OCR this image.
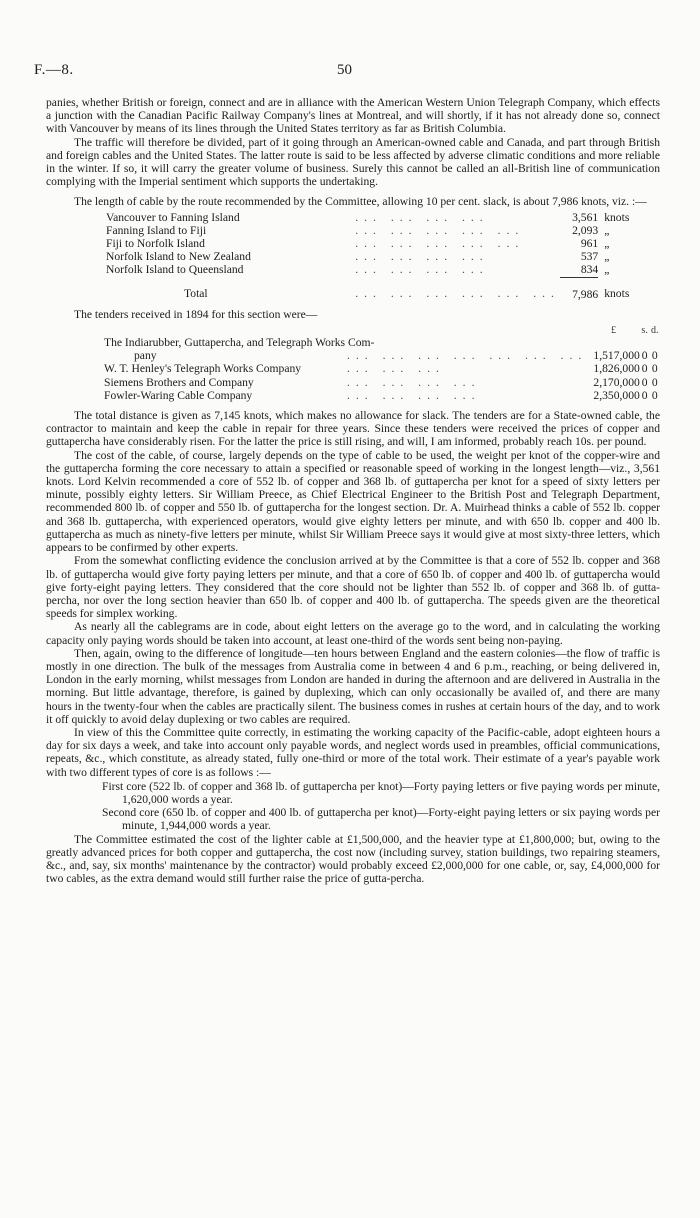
F.—8.	50

panies, whether British or foreign, connect and are in alliance with the American Western Union Telegraph Company, which effects a junction with the Canadian Pacific Railway Company's lines at Montreal, and will shortly, if it has not already done so, connect with Vancouver by means of its lines through the United States territory as far as British Columbia.

The traffic will therefore be divided, part of it going through an American-owned cable and Canada, and part through British and foreign cables and the United States. The latter route is said to be less affected by adverse climatic conditions and more reliable in the winter. If so, it will carry the greater volume of business. Surely this cannot be called an all-British line of communication complying with the Imperial sentiment which supports the undertaking.

The length of cable by the route recommended by the Committee, allowing 10 per cent. slack, is about 7,986 knots, viz. :—

Vancouver to Fanning Island	... ... ... ...	3,561	knots
Fanning Island to Fiji	... ... ... ... ...	2,093	„
Fiji to Norfolk Island	... ... ... ... ...	961	„
Norfolk Island to New Zealand	... ... ... ...	537	„
Norfolk Island to Queensland	... ... ... ...	834	„
Total	... ... ... ... ... ...	7,986	knots

The tenders received in 1894 for this section were—

		£	s.	d.
The Indiarubber, Guttapercha, and Telegraph Works Com-				
pany	... ... ... ... ... ... ...	1,517,000	0	0
W. T. Henley's Telegraph Works Company	... ... ...	1,826,000	0	0
Siemens Brothers and Company	... ... ... ...	2,170,000	0	0
Fowler-Waring Cable Company	... ... ... ...	2,350,000	0	0

The total distance is given as 7,145 knots, which makes no allowance for slack. The tenders are for a State-owned cable, the contractor to maintain and keep the cable in repair for three years. Since these tenders were received the prices of copper and guttapercha have considerably risen. For the latter the price is still rising, and will, I am informed, probably reach 10s. per pound.

The cost of the cable, of course, largely depends on the type of cable to be used, the weight per knot of the copper-wire and the guttapercha forming the core necessary to attain a specified or reasonable speed of working in the longest length—viz., 3,561 knots. Lord Kelvin recommended a core of 552 lb. of copper and 368 lb. of guttapercha per knot for a speed of sixty letters per minute, possibly eighty letters. Sir William Preece, as Chief Electrical Engineer to the British Post and Telegraph Department, recommended 800 lb. of copper and 550 lb. of guttapercha for the longest section. Dr. A. Muirhead thinks a cable of 552 lb. copper and 368 lb. guttapercha, with experienced operators, would give eighty letters per minute, and with 650 lb. copper and 400 lb. guttapercha as much as ninety-five letters per minute, whilst Sir William Preece says it would give at most sixty-three letters, which appears to be confirmed by other experts.

From the somewhat conflicting evidence the conclusion arrived at by the Committee is that a core of 552 lb. copper and 368 lb. of guttapercha would give forty paying letters per minute, and that a core of 650 lb. of copper and 400 lb. of guttapercha would give forty-eight paying letters. They considered that the core should not be lighter than 552 lb. of copper and 368 lb. of gutta-percha, nor over the long section heavier than 650 lb. of copper and 400 lb. of guttapercha. The speeds given are the theoretical speeds for simplex working.

As nearly all the cablegrams are in code, about eight letters on the average go to the word, and in calculating the working capacity only paying words should be taken into account, at least one-third of the words sent being non-paying.

Then, again, owing to the difference of longitude—ten hours between England and the eastern colonies—the flow of traffic is mostly in one direction. The bulk of the messages from Australia come in between 4 and 6 p.m., reaching, or being delivered in, London in the early morning, whilst messages from London are handed in during the afternoon and are delivered in Australia in the morning. But little advantage, therefore, is gained by duplexing, which can only occasionally be availed of, and there are many hours in the twenty-four when the cables are practically silent. The business comes in rushes at certain hours of the day, and to work it off quickly to avoid delay duplexing or two cables are required.

In view of this the Committee quite correctly, in estimating the working capacity of the Pacific-cable, adopt eighteen hours a day for six days a week, and take into account only payable words, and neglect words used in preambles, official communications, repeats, &c., which constitute, as already stated, fully one-third or more of the total work. Their estimate of a year's payable work with two different types of core is as follows :—

First core (522 lb. of copper and 368 lb. of guttapercha per knot)—Forty paying letters or five paying words per minute, 1,620,000 words a year.

Second core (650 lb. of copper and 400 lb. of guttapercha per knot)—Forty-eight paying letters or six paying words per minute, 1,944,000 words a year.

The Committee estimated the cost of the lighter cable at £1,500,000, and the heavier type at £1,800,000; but, owing to the greatly advanced prices for both copper and guttapercha, the cost now (including survey, station buildings, two repairing steamers, &c., and, say, six months' maintenance by the contractor) would probably exceed £2,000,000 for one cable, or, say, £4,000,000 for two cables, as the extra demand would still further raise the price of gutta-percha.
